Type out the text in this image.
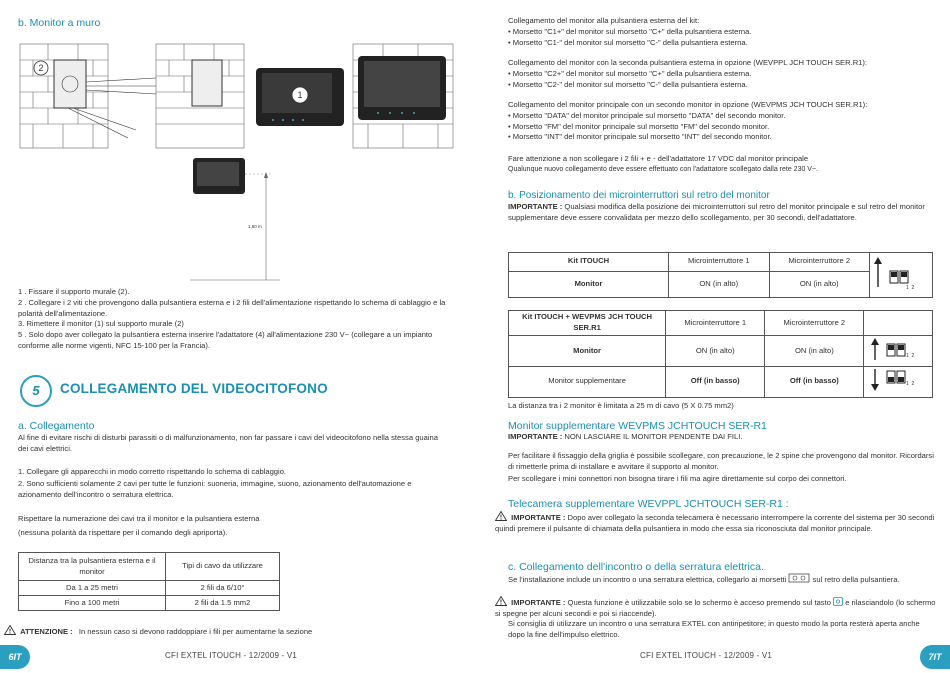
b. Monitor a muro
2
1
1,60 m

1 . Fissare il supporto murale (2).

2 . Collegare i 2 viti che provengono dalla pulsantiera esterna e i 2 fili dell'alimentazione rispettando lo schema di cablaggio e la polarità dell'alimentazione.

3. Rimettere il monitor (1) sul supporto murale (2)

5 . Solo dopo aver collegato la pulsantiera esterna inserire l'adattatore (4) all'alimentazione 230 V~ (collegare a un impianto conforme alle norme vigenti, NFC 15-100 per la Francia).

5	COLLEGAMENTO DEL VIDEOCITOFONO
a. Collegamento

Al fine di evitare rischi di disturbi parassiti o di malfunzionamento, non far passare i cavi del videocitofono nella stessa guaina dei cavi elettrici.

1. Collegare gli apparecchi in modo corretto rispettando lo schema di cablaggio.

2. Sono sufficienti solamente 2 cavi per tutte le funzioni: suoneria, immagine, suono, azionamento dell'automazione e azionamento dell'incontro o serratura elettrica.

Rispettare la numerazione dei cavi tra il monitor e la pulsantiera esterna

(nessuna polarità da rispettare per il comando degli apriporta).

Distanza tra la pulsantiera esterna e il monitor	Tipi di cavo da utilizzare
Da 1 a 25 metri	2 fili da 6/10°
Fino a 100 metri	2 fili da 1.5 mm2
ATTENZIONE : In nessun caso si devono raddoppiare i fili per aumentarne la sezione
6IT	CFI EXTEL ITOUCH - 12/2009 - V1

Collegamento del monitor alla pulsantiera esterna del kit:

• Morsetto "C1+" del monitor sul morsetto "C+" della pulsantiera esterna.

• Morsetto "C1-" del monitor sul morsetto "C-" della pulsantiera esterna.

Collegamento del monitor con la seconda pulsantiera esterna in opzione (WEVPPL JCH TOUCH SER.R1):

• Morsetto "C2+" del monitor sul morsetto "C+" della pulsantiera esterna.

• Morsetto "C2-" del monitor sul morsetto "C-" della pulsantiera esterna.

Collegamento del monitor principale con un secondo monitor in opzione (WEVPMS JCH TOUCH SER.R1):

• Morsetto "DATA" del monitor principale sul morsetto "DATA" del secondo monitor.

• Morsetto "FM" del monitor principale sul morsetto "FM" del secondo monitor.

• Morsetto "INT" del monitor principale sul morsetto "INT" del secondo monitor.

Fare attenzione a non scollegare i 2 fili + e - dell'adattatore 17 VDC dal monitor principale

Qualunque nuovo collegamento deve essere effettuato con l'adattatore scollegato dalla rete 230 V~.

b. Posizionamento dei microinterruttori sul retro del monitor

IMPORTANTE : Qualsiasi modifica della posizione dei microinterruttori sul retro del monitor principale e sul retro del monitor supplementare deve essere convalidata per mezzo dello scollegamento, per 30 secondi, dell'adattatore.

Kit ITOUCH	Microinterruttore 1	Microinterruttore 2	
Monitor	ON (in alto)	ON (in alto)	
1  2
Kit ITOUCH + WEVPMS JCH TOUCH SER.R1	Microinterruttore 1	Microinterruttore 2	
Monitor	ON (in alto)	ON (in alto)	
Monitor supplementare	Off (in basso)	Off (in basso)	
1  2
1  2

La distanza tra i 2 monitor è limitata a 25 m di cavo (5 X 0.75 mm2)

Monitor supplementare WEVPMS JCHTOUCH SER-R1

IMPORTANTE : NON LASCIARE IL MONITOR PENDENTE DAI FILI.

Per facilitare il fissaggio della griglia è possibile scollegare, con precauzione, le 2 spine che provengono dal monitor. Ricordarsi di rimetterle prima di installare e avvitare il supporto al monitor.

Per scollegare i mini connettori non bisogna tirare i fili ma agire direttamente sul corpo dei connettori.

Telecamera supplementare WEVPPL JCHTOUCH SER-R1 :

IMPORTANTE : Dopo aver collegato la seconda telecamera è necessario interrompere la corrente del sistema per 30 secondi quindi premere il pulsante di chiamata della pulsantiera in modo che essa sia riconosciuta dal monitor principale.

c. Collegamento dell'incontro o della serratura elettrica.

Se l'installazione include un incontro o una serratura elettrica, collegarlo ai morsetti	sul retro della pulsantiera.

IMPORTANTE : Questa funzione è utilizzabile solo se lo schermo è acceso premendo sul tasto e rilasciandolo (lo schermo si spegne per alcuni secondi e poi si riaccende).

Si consiglia di utilizzare un incontro o una serratura EXTEL con antiripetitore; in questo modo la porta resterà aperta anche dopo la fine dell'impulso elettrico.

CFI EXTEL ITOUCH - 12/2009 - V1	7IT
